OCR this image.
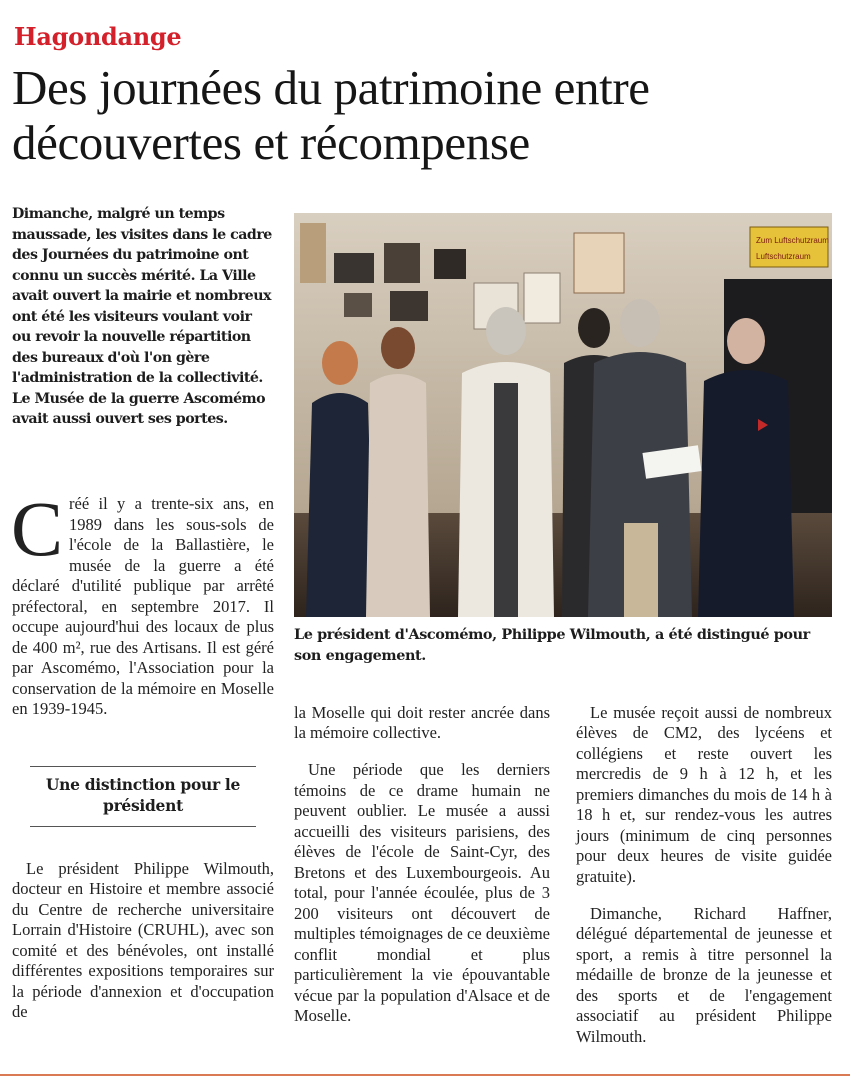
Hagondange
Des journées du patrimoine entre découvertes et récompense

Dimanche, malgré un temps maussade, les visites dans le cadre des Journées du patrimoine ont connu un succès mérité. La Ville avait ouvert la mairie et nombreux ont été les visiteurs voulant voir ou revoir la nouvelle répartition des bureaux d'où l'on gère l'administration de la collectivité. Le Musée de la guerre Ascomémo avait aussi ouvert ses portes.

C réé il y a trente-six ans, en 1989 dans les sous-sols de l'école de la Ballastière, le musée de la guerre a été déclaré d'utilité publique par arrêté préfectoral, en septembre 2017. Il occupe aujourd'hui des locaux de plus de 400 m², rue des Artisans. Il est géré par Ascomémo, l'Association pour la conservation de la mémoire en Moselle en 1939-1945.
Une distinction pour le président

Le président Philippe Wilmouth, docteur en Histoire et membre associé du Centre de recherche universitaire Lorrain d'Histoire (CRUHL), avec son comité et des bénévoles, ont installé différentes expositions temporaires sur la période d'annexion et d'occupation de

Zum Luftschutzraum
Luftschutzraum

Le président d'Ascomémo, Philippe Wilmouth, a été distingué pour son engagement.

la Moselle qui doit rester ancrée dans la mémoire collective.

Une période que les derniers témoins de ce drame humain ne peuvent oublier. Le musée a aussi accueilli des visiteurs parisiens, des élèves de l'école de Saint-Cyr, des Bretons et des Luxembourgeois. Au total, pour l'année écoulée, plus de 3 200 visiteurs ont découvert de multiples témoignages de ce deuxième conflit mondial et plus particulièrement la vie épouvantable vécue par la population d'Alsace et de Moselle.

Le musée reçoit aussi de nombreux élèves de CM2, des lycéens et collégiens et reste ouvert les mercredis de 9 h à 12 h, et les premiers dimanches du mois de 14 h à 18 h et, sur rendez-vous les autres jours (minimum de cinq personnes pour deux heures de visite guidée gratuite).

Dimanche, Richard Haffner, délégué départemental de jeunesse et sport, a remis à titre personnel la médaille de bronze de la jeunesse et des sports et de l'engagement associatif au président Philippe Wilmouth.
